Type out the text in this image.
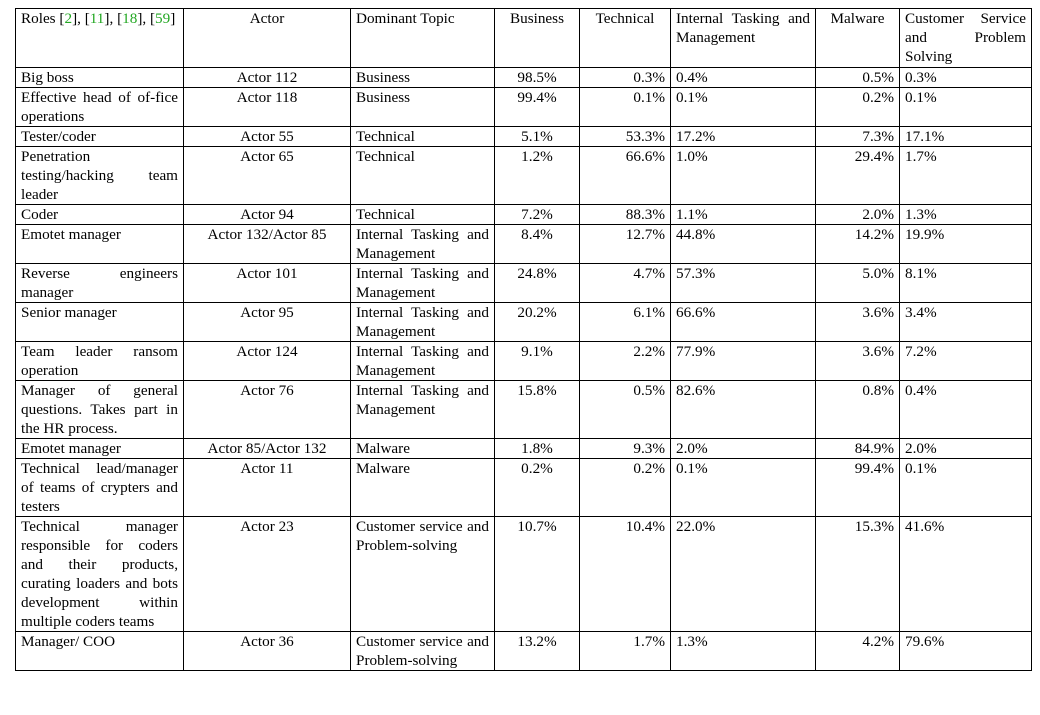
Roles [2], [11], [18], [59]	Actor	Dominant Topic	Business	Technical	Internal Tasking and Management	Malware	Customer Service and Problem Solving
Big boss	Actor 112	Business	98.5%	0.3%	0.4%	0.5%	0.3%
Effective head of of-fice operations	Actor 118	Business	99.4%	0.1%	0.1%	0.2%	0.1%
Tester/coder	Actor 55	Technical	5.1%	53.3%	17.2%	7.3%	17.1%
Penetration testing/hacking team leader	Actor 65	Technical	1.2%	66.6%	1.0%	29.4%	1.7%
Coder	Actor 94	Technical	7.2%	88.3%	1.1%	2.0%	1.3%
Emotet manager	Actor 132/Actor 85	Internal Tasking and Management	8.4%	12.7%	44.8%	14.2%	19.9%
Reverse engineers manager	Actor 101	Internal Tasking and Management	24.8%	4.7%	57.3%	5.0%	8.1%
Senior manager	Actor 95	Internal Tasking and Management	20.2%	6.1%	66.6%	3.6%	3.4%
Team leader ransom operation	Actor 124	Internal Tasking and Management	9.1%	2.2%	77.9%	3.6%	7.2%
Manager of general questions. Takes part in the HR process.	Actor 76	Internal Tasking and Management	15.8%	0.5%	82.6%	0.8%	0.4%
Emotet manager	Actor 85/Actor 132	Malware	1.8%	9.3%	2.0%	84.9%	2.0%
Technical lead/manager of teams of crypters and testers	Actor 11	Malware	0.2%	0.2%	0.1%	99.4%	0.1%
Technical manager responsible for coders and their products, curating loaders and bots development within multiple coders teams	Actor 23	Customer service and Problem-solving	10.7%	10.4%	22.0%	15.3%	41.6%
Manager/ COO	Actor 36	Customer service and Problem-solving	13.2%	1.7%	1.3%	4.2%	79.6%
